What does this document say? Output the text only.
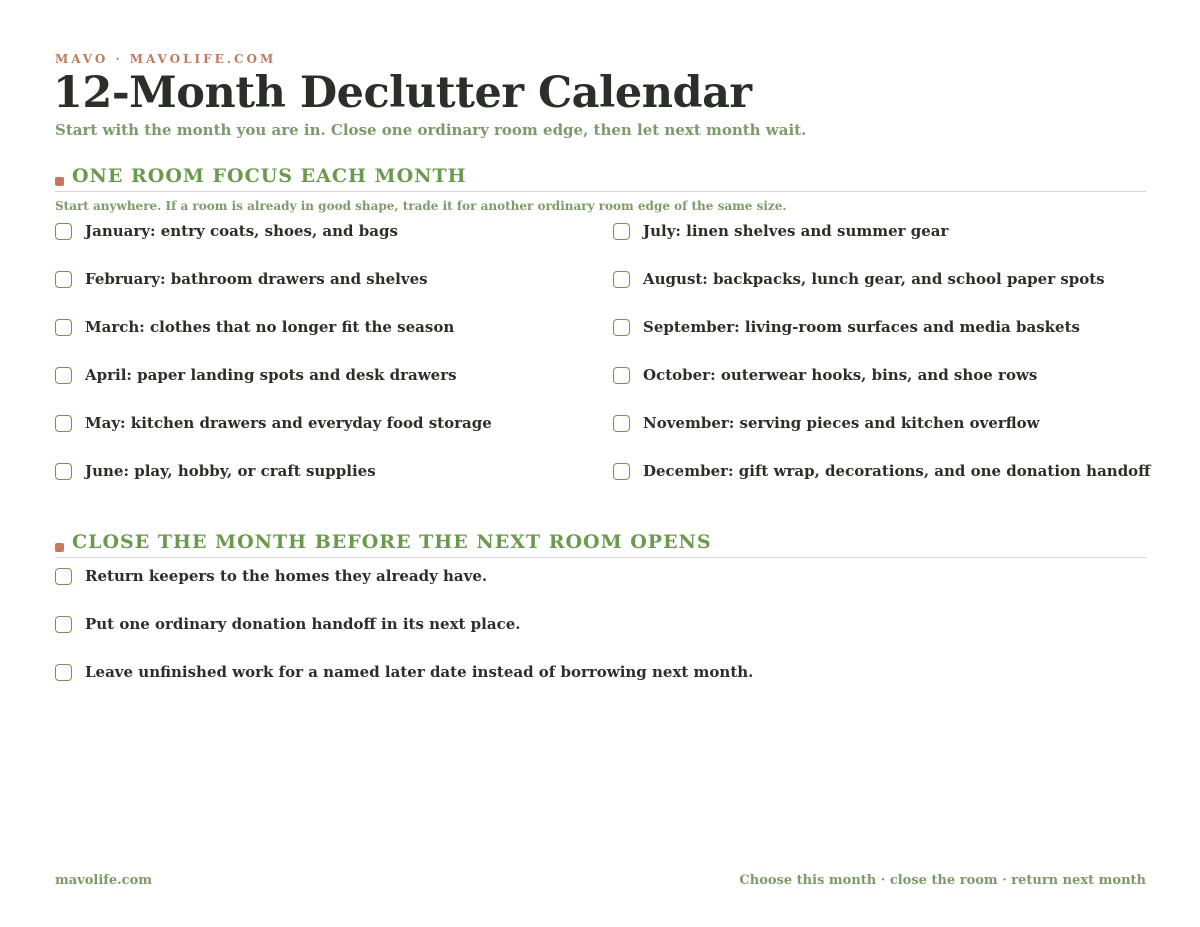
MAVO · MAVOLIFE.COM
12-Month Declutter Calendar
Start with the month you are in. Close one ordinary room edge, then let next month wait.
ONE ROOM FOCUS EACH MONTH
Start anywhere. If a room is already in good shape, trade it for another ordinary room edge of the same size.
January: entry coats, shoes, and bags
February: bathroom drawers and shelves
March: clothes that no longer fit the season
April: paper landing spots and desk drawers
May: kitchen drawers and everyday food storage
June: play, hobby, or craft supplies
July: linen shelves and summer gear
August: backpacks, lunch gear, and school paper spots
September: living-room surfaces and media baskets
October: outerwear hooks, bins, and shoe rows
November: serving pieces and kitchen overflow
December: gift wrap, decorations, and one donation handoff
CLOSE THE MONTH BEFORE THE NEXT ROOM OPENS
Return keepers to the homes they already have.
Put one ordinary donation handoff in its next place.
Leave unfinished work for a named later date instead of borrowing next month.
mavolife.com	Choose this month · close the room · return next month
